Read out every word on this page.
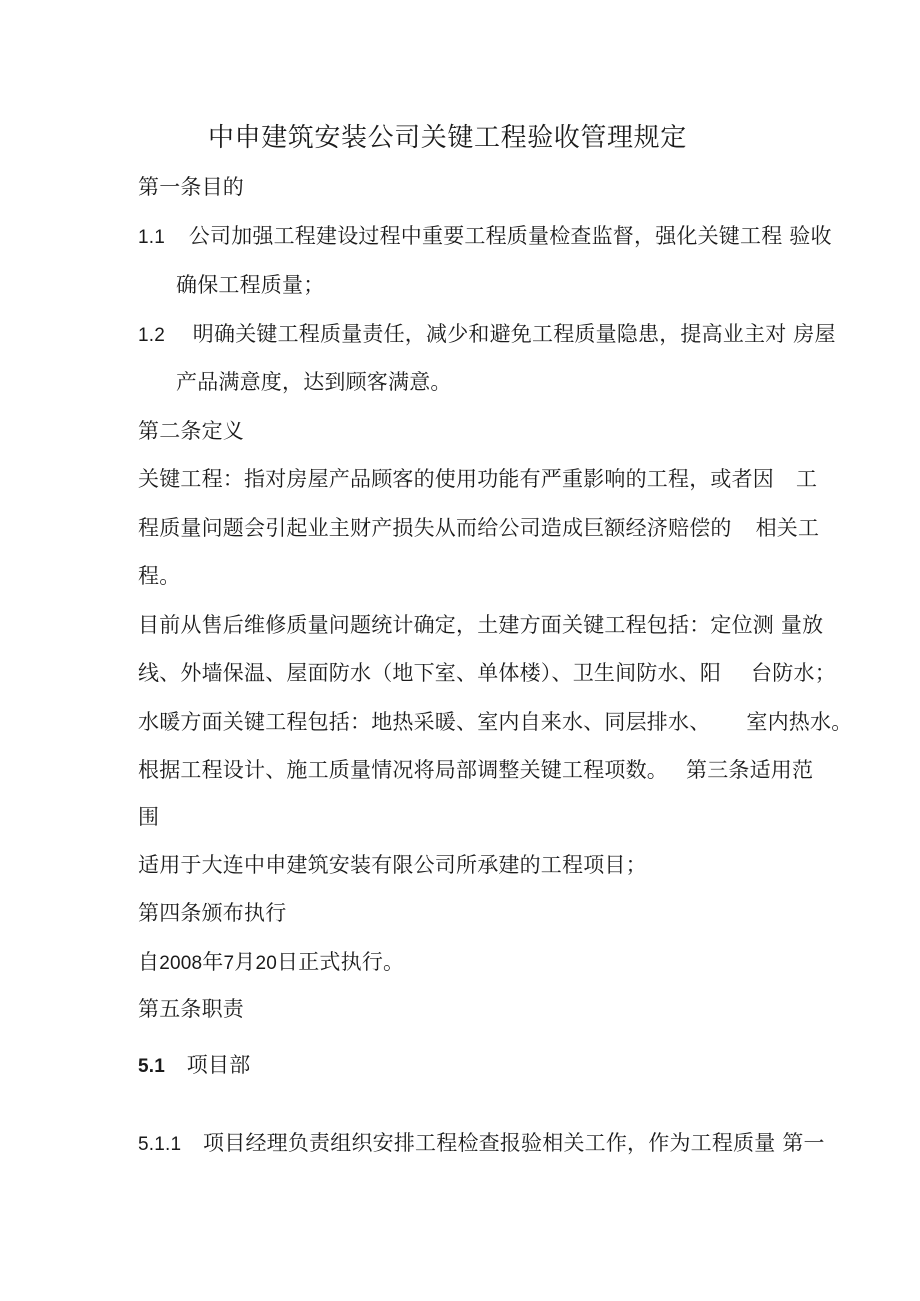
中申建筑安装公司关键工程验收管理规定
第一条目的
1.1 公司加强工程建设过程中重要工程质量检查监督，强化关键工程 验收
确保工程质量；
1.2 明确关键工程质量责任，减少和避免工程质量隐患，提高业主对 房屋
产品满意度，达到顾客满意。
第二条定义
关键工程：指对房屋产品顾客的使用功能有严重影响的工程，或者因 工
程质量问题会引起业主财产损失从而给公司造成巨额经济赔偿的 相关工
程。
目前从售后维修质量问题统计确定，土建方面关键工程包括：定位测 量放
线、外墙保温、屋面防水（地下室、单体楼）、卫生间防水、阳 台防水；
水暖方面关键工程包括：地热采暖、室内自来水、同层排水、 室内热水。
根据工程设计、施工质量情况将局部调整关键工程项数。 第三条适用范
围
适用于大连中申建筑安装有限公司所承建的工程项目；
第四条颁布执行
自2008年7月20日正式执行。
第五条职责
5.1 项目部
5.1.1 项目经理负责组织安排工程检查报验相关工作，作为工程质量 第一
